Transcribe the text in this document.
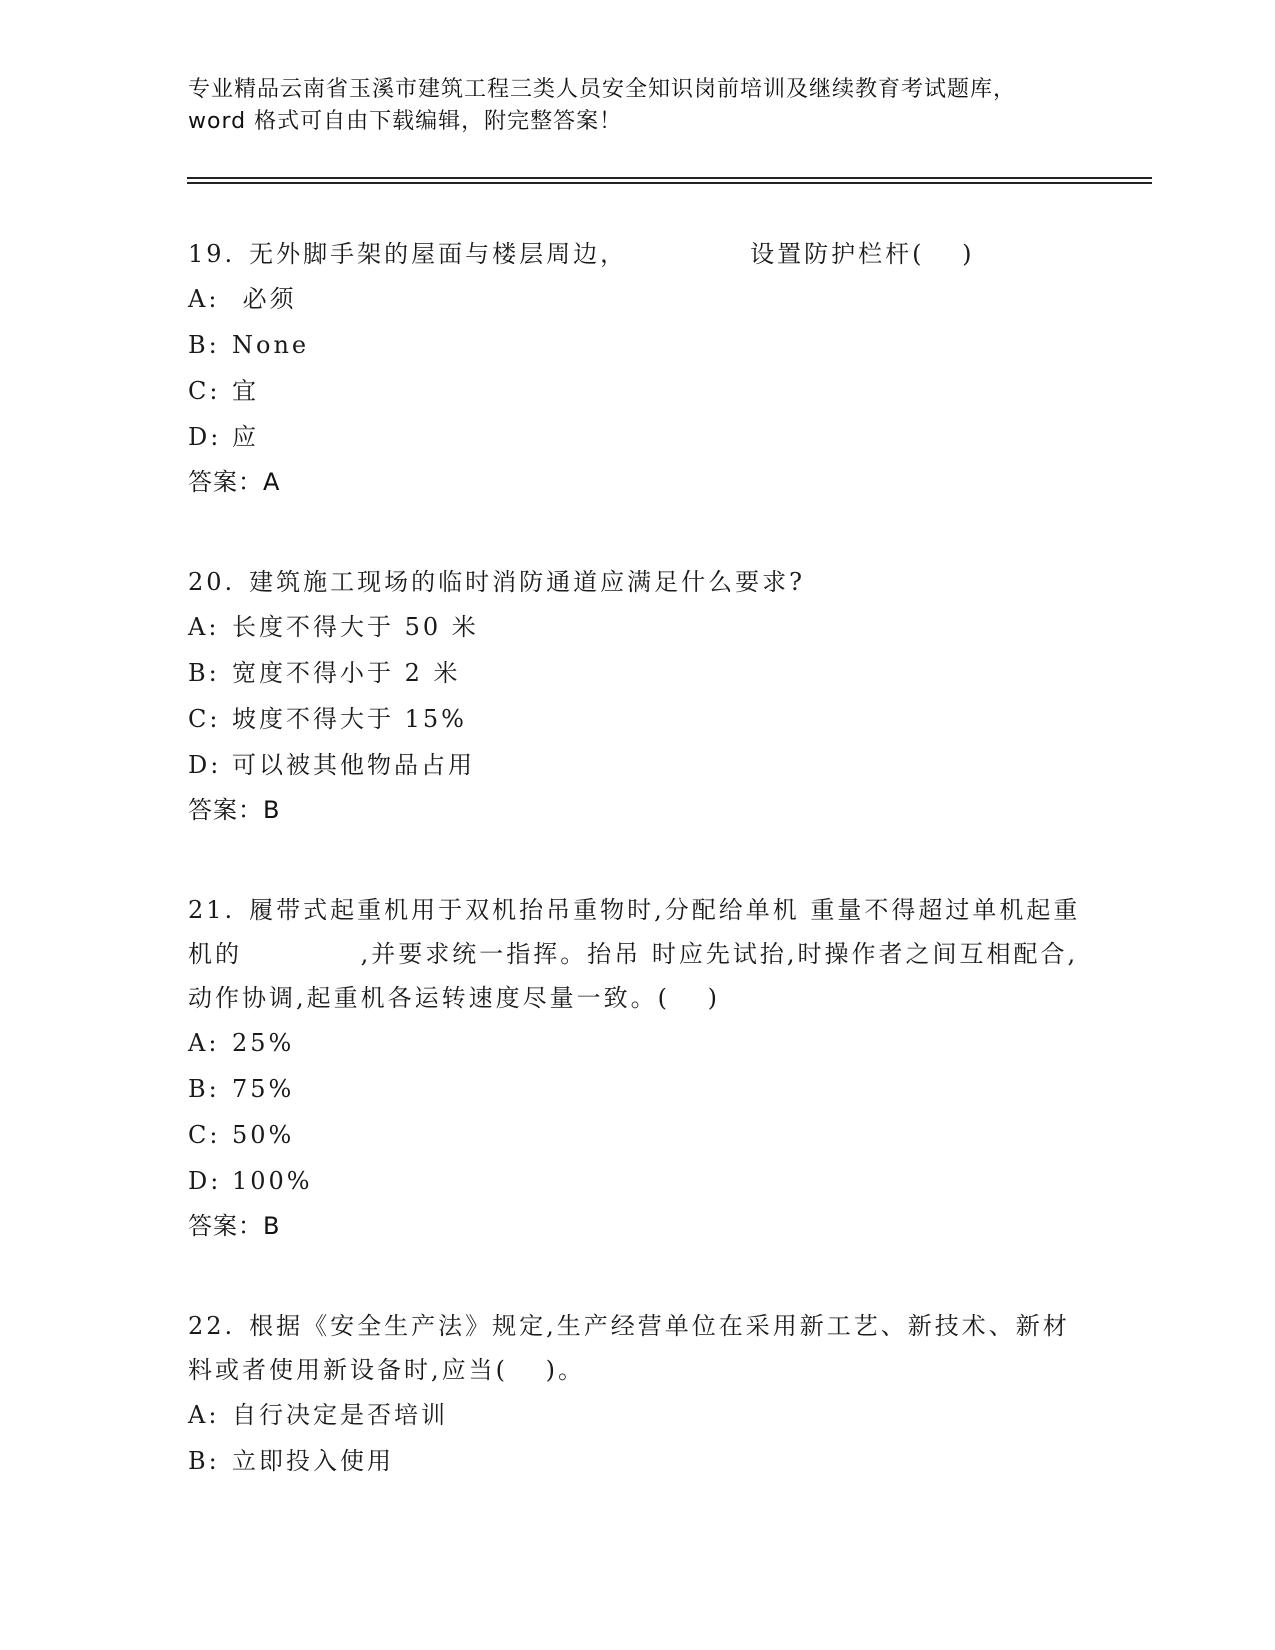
专业精品云南省玉溪市建筑工程三类人员安全知识岗前培训及继续教育考试题库，
word 格式可自由下载编辑，附完整答案！
19. 无外脚手架的屋面与楼层周边，　　　　　设置防护栏杆(　 )
A: 必须
B: None
C: 宜
D: 应
答案：A
20. 建筑施工现场的临时消防通道应满足什么要求?
A: 长度不得大于 50 米
B: 宽度不得小于 2 米
C: 坡度不得大于 15%
D: 可以被其他物品占用
答案：B
21. 履带式起重机用于双机抬吊重物时,分配给单机 重量不得超过单机起重机的　　　　 ,并要求统一指挥。抬吊 时应先试抬,时操作者之间互相配合,动作协调,起重机各运转速度尽量一致。(　 )
A: 25%
B: 75%
C: 50%
D: 100%
答案：B
22. 根据《安全生产法》规定,生产经营单位在采用新工艺、新技术、新材料或者使用新设备时,应当(　 )。
A: 自行决定是否培训
B: 立即投入使用
